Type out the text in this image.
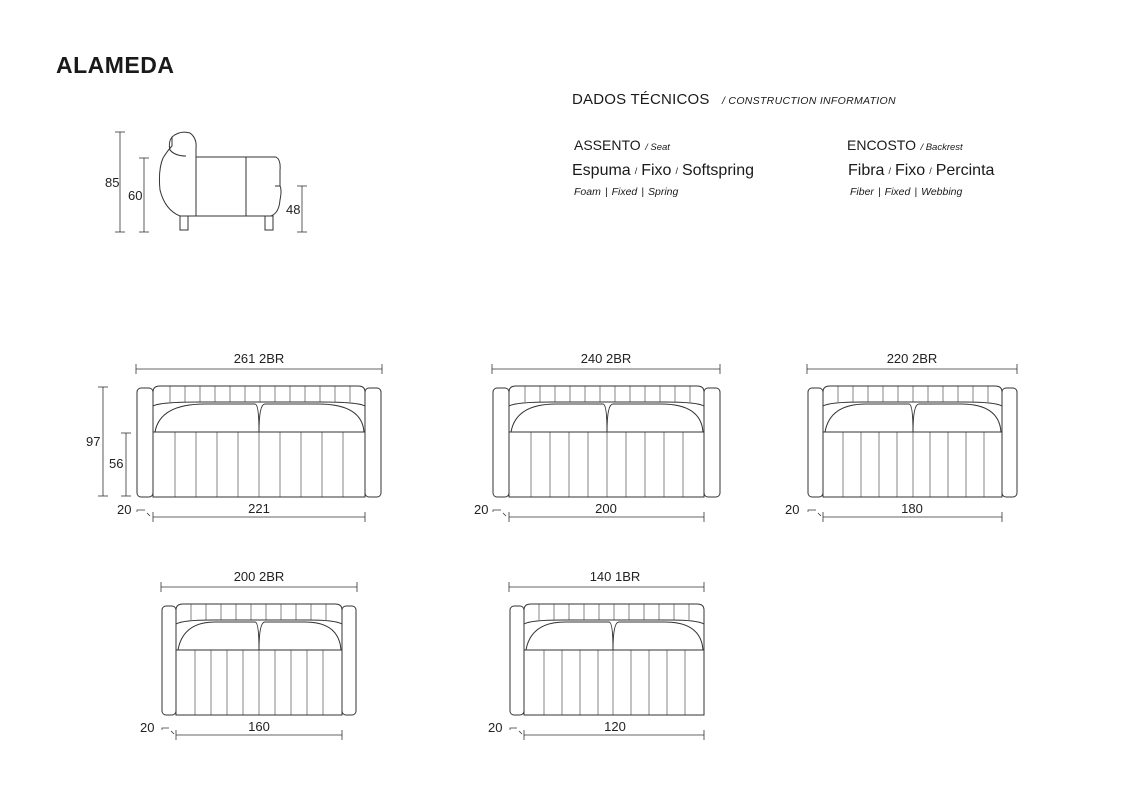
ALAMEDA
DADOS TÉCNICOS / CONSTRUCTION INFORMATION
ASSENTO / Seat
Espuma / Fixo / Softspring
Foam | Fixed | Spring
ENCOSTO / Backrest
Fibra / Fixo / Percinta
Fiber | Fixed | Webbing
85
60
48
97
56
261 2BR
221
20
240 2BR
200
20
220 2BR
180
20
200 2BR
160
20
140 1BR
120
20
